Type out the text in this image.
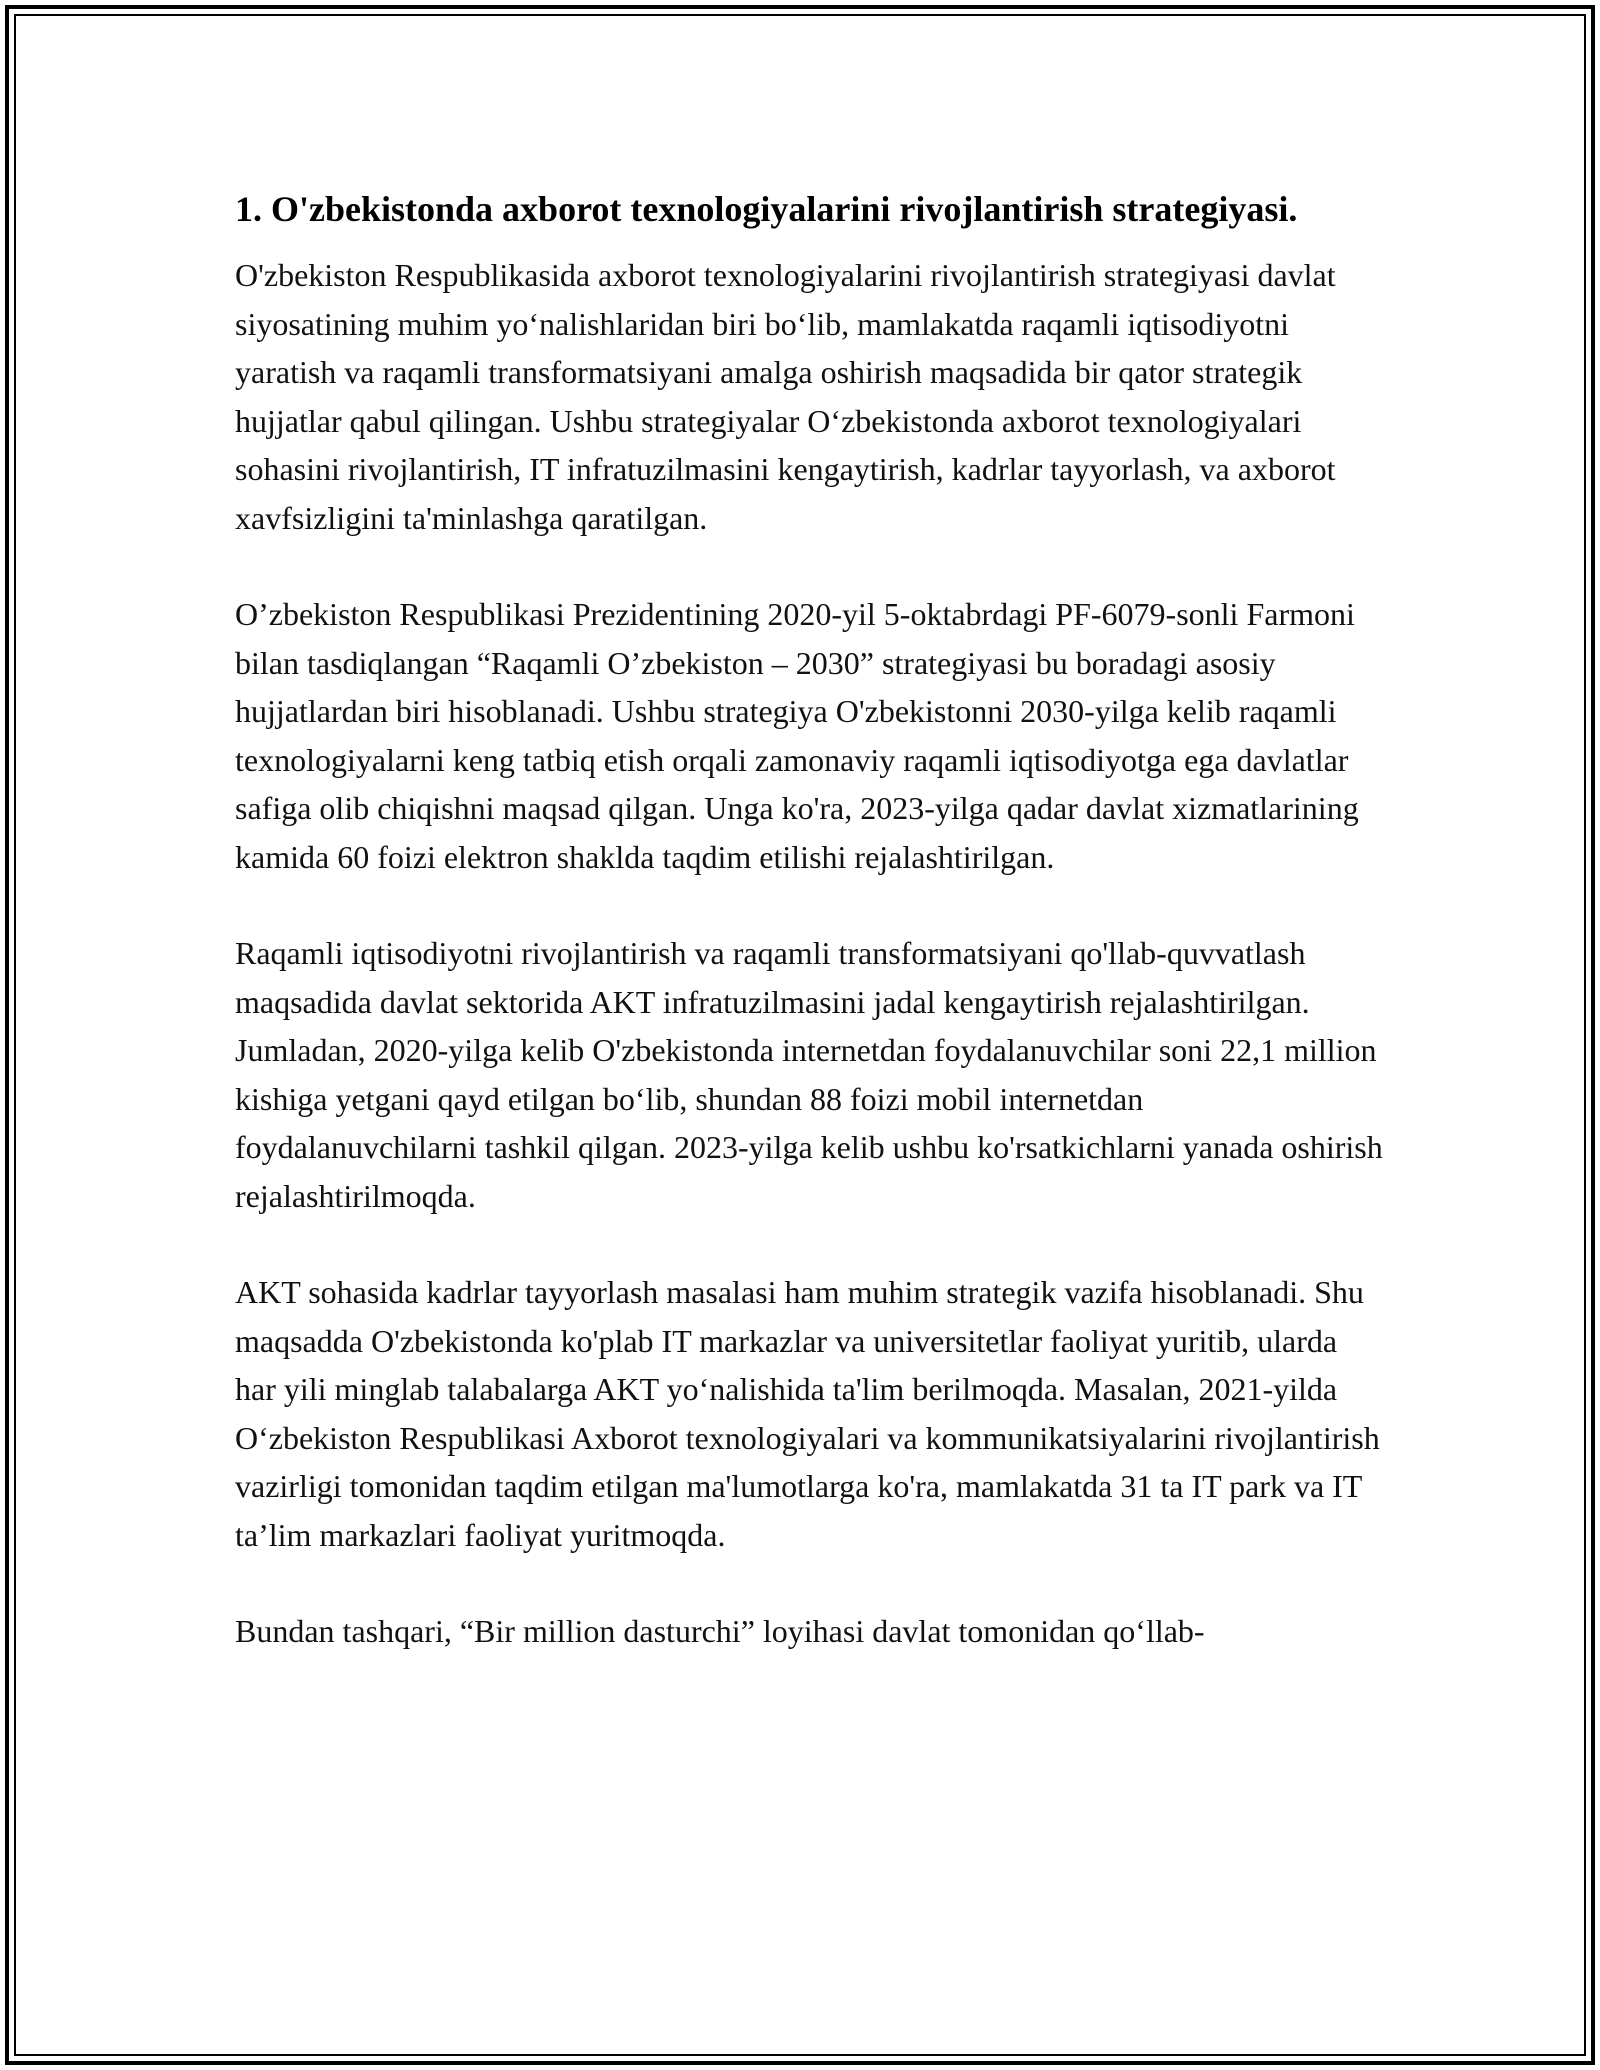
1. O'zbekistonda axborot texnologiyalarini rivojlantirish strategiyasi.

O'zbekiston Respublikasida axborot texnologiyalarini rivojlantirish strategiyasi davlat siyosatining muhim yo‘nalishlaridan biri bo‘lib, mamlakatda raqamli iqtisodiyotni yaratish va raqamli transformatsiyani amalga oshirish maqsadida bir qator strategik hujjatlar qabul qilingan. Ushbu strategiyalar O‘zbekistonda axborot texnologiyalari sohasini rivojlantirish, IT infratuzilmasini kengaytirish, kadrlar tayyorlash, va axborot xavfsizligini ta'minlashga qaratilgan.

O’zbekiston Respublikasi Prezidentining 2020-yil 5-oktabrdagi PF-6079-sonli Farmoni bilan tasdiqlangan “Raqamli O’zbekiston – 2030” strategiyasi bu boradagi asosiy hujjatlardan biri hisoblanadi. Ushbu strategiya O'zbekistonni 2030-yilga kelib raqamli texnologiyalarni keng tatbiq etish orqali zamonaviy raqamli iqtisodiyotga ega davlatlar safiga olib chiqishni maqsad qilgan. Unga ko'ra, 2023-yilga qadar davlat xizmatlarining kamida 60 foizi elektron shaklda taqdim etilishi rejalashtirilgan.

Raqamli iqtisodiyotni rivojlantirish va raqamli transformatsiyani qo'llab-quvvatlash maqsadida davlat sektorida AKT infratuzilmasini jadal kengaytirish rejalashtirilgan. Jumladan, 2020-yilga kelib O'zbekistonda internetdan foydalanuvchilar soni 22,1 million kishiga yetgani qayd etilgan bo‘lib, shundan 88 foizi mobil internetdan foydalanuvchilarni tashkil qilgan. 2023-yilga kelib ushbu ko'rsatkichlarni yanada oshirish rejalashtirilmoqda.

AKT sohasida kadrlar tayyorlash masalasi ham muhim strategik vazifa hisoblanadi. Shu maqsadda O'zbekistonda ko'plab IT markazlar va universitetlar faoliyat yuritib, ularda har yili minglab talabalarga AKT yo‘nalishida ta'lim berilmoqda. Masalan, 2021-yilda O‘zbekiston Respublikasi Axborot texnologiyalari va kommunikatsiyalarini rivojlantirish vazirligi tomonidan taqdim etilgan ma'lumotlarga ko'ra, mamlakatda 31 ta IT park va IT ta’lim markazlari faoliyat yuritmoqda.

Bundan tashqari, “Bir million dasturchi” loyihasi davlat tomonidan qo‘llab-
